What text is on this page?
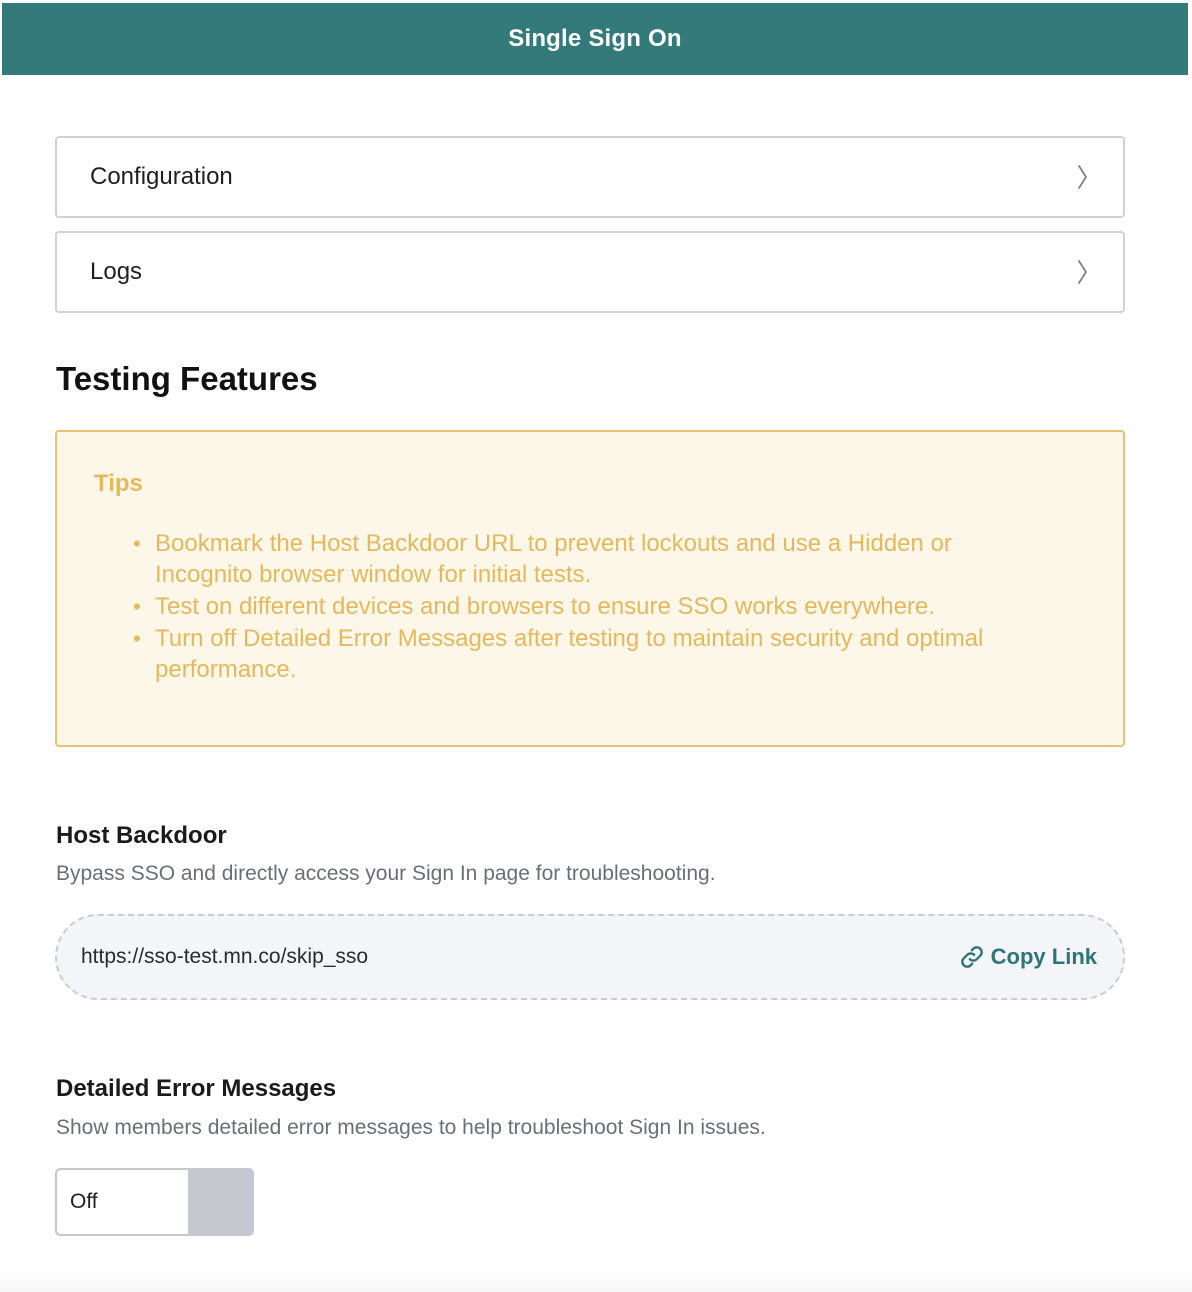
Single Sign On
Configuration
Logs
Testing Features
Tips
• Bookmark the Host Backdoor URL to prevent lockouts and use a Hidden or Incognito browser window for initial tests.
• Test on different devices and browsers to ensure SSO works everywhere.
• Turn off Detailed Error Messages after testing to maintain security and optimal performance.
Host Backdoor
Bypass SSO and directly access your Sign In page for troubleshooting.
https://sso-test.mn.co/skip_sso	Copy Link
Detailed Error Messages
Show members detailed error messages to help troubleshoot Sign In issues.
Off
